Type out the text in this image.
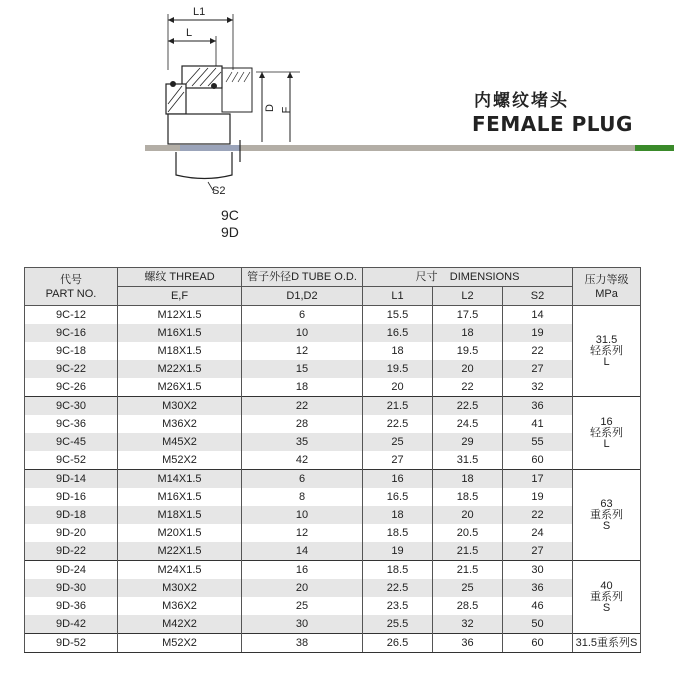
L1
L
D F
S2
内螺纹堵头
FEMALE PLUG
9C
9D
代号
PART NO.	螺纹 THREAD	管子外径D TUBE O.D.	尺寸    DIMENSIONS			压力等级
MPa

	E,F	D1,D2	L1	L2	S2	
9C-12	M12X1.5	6	15.5	17.5	14	31.5
轻系列
L

9C-16	M16X1.5	10	16.5	18	19	
9C-18	M18X1.5	12	18	19.5	22	
9C-22	M22X1.5	15	19.5	20	27	
9C-26	M26X1.5	18	20	22	32	
9C-30	M30X2	22	21.5	22.5	36	16
轻系列
L

9C-36	M36X2	28	22.5	24.5	41	
9C-45	M45X2	35	25	29	55	
9C-52	M52X2	42	27	31.5	60	
9D-14	M14X1.5	6	16	18	17	63
重系列
S

9D-16	M16X1.5	8	16.5	18.5	19	
9D-18	M18X1.5	10	18	20	22	
9D-20	M20X1.5	12	18.5	20.5	24	
9D-22	M22X1.5	14	19	21.5	27	
9D-24	M24X1.5	16	18.5	21.5	30	40
重系列
S

9D-30	M30X2	20	22.5	25	36	
9D-36	M36X2	25	23.5	28.5	46	
9D-42	M42X2	30	25.5	32	50	
9D-52	M52X2	38	26.5	36	60	31.5重系列S
